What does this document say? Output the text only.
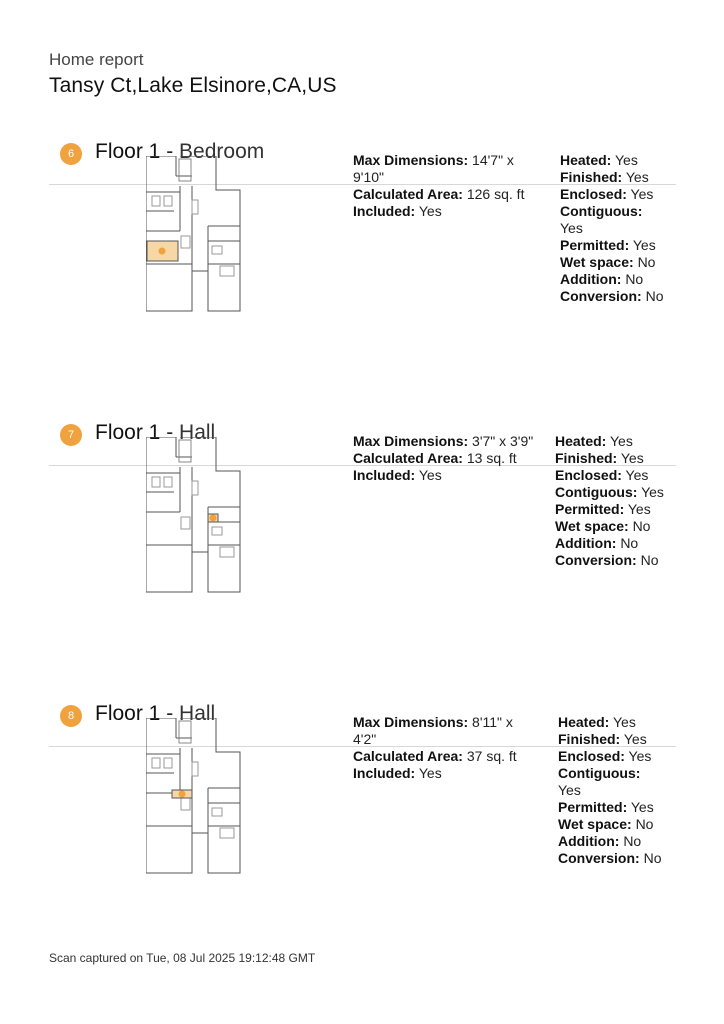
Home report
Tansy Ct,Lake Elsinore,CA,US
6 Floor 1 - Bedroom	Max Dimensions: 14'7" x
9'10"
Calculated Area: 126 sq. ft
Included: Yes
Heated: Yes
Finished: Yes
Enclosed: Yes
Contiguous:
Yes
Permitted: Yes
Wet space: No
Addition: No
Conversion: No
7 Floor 1 - Hall	Max Dimensions: 3'7" x 3'9"
Calculated Area: 13 sq. ft
Included: Yes
Heated: Yes
Finished: Yes
Enclosed: Yes
Contiguous: Yes
Permitted: Yes
Wet space: No
Addition: No
Conversion: No
8 Floor 1 - Hall	Max Dimensions: 8'11" x
4'2"
Calculated Area: 37 sq. ft
Included: Yes
Heated: Yes
Finished: Yes
Enclosed: Yes
Contiguous:
Yes
Permitted: Yes
Wet space: No
Addition: No
Conversion: No
Scan captured on Tue, 08 Jul 2025 19:12:48 GMT
